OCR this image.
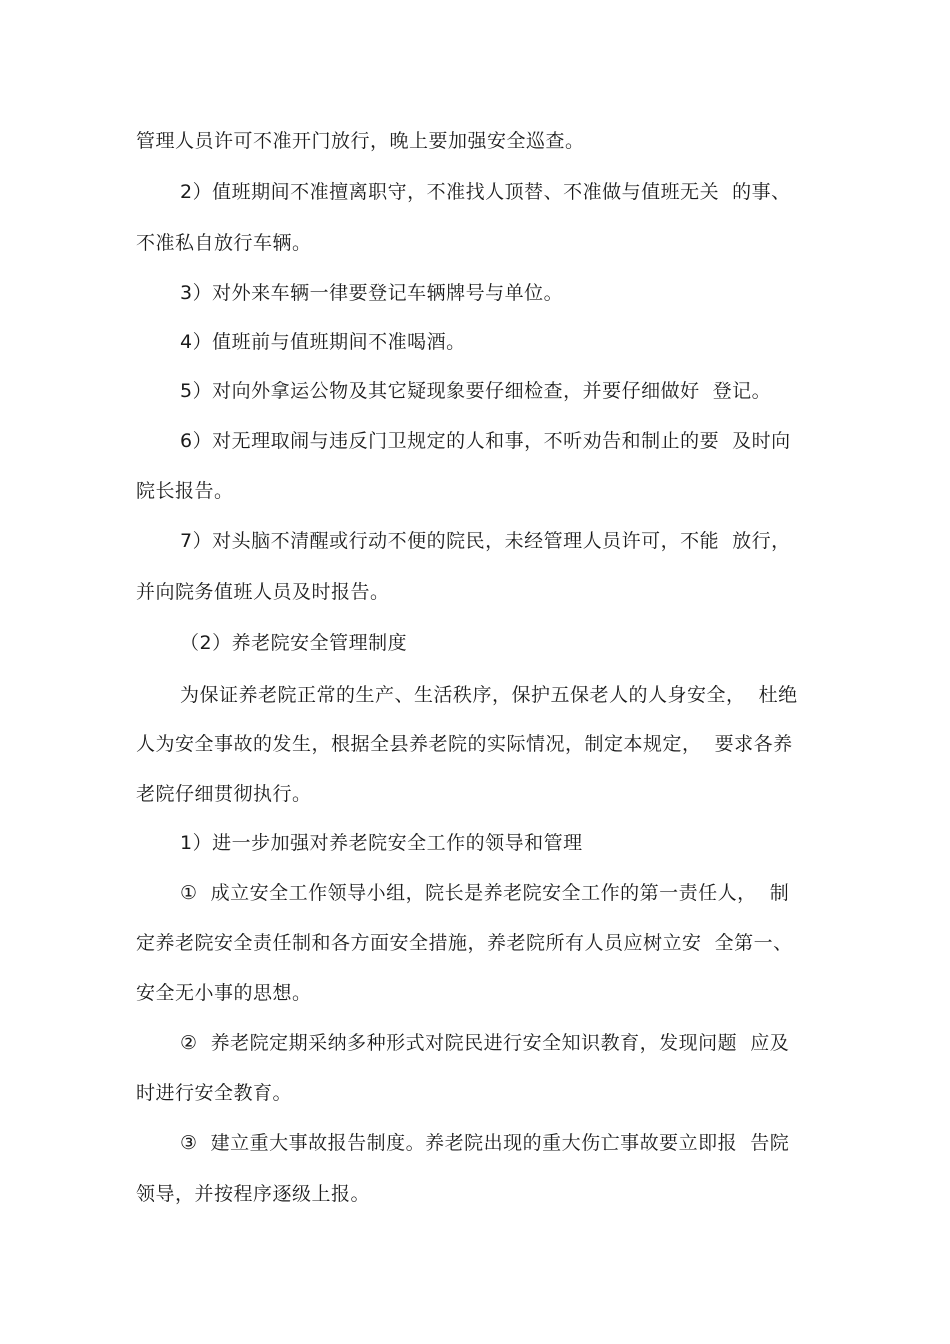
管理人员许可不准开门放行，晚上要加强安全巡查。
2）值班期间不准擅离职守，不准找人顶替、不准做与值班无关  的事、
不准私自放行车辆。
3）对外来车辆一律要登记车辆牌号与单位。
4）值班前与值班期间不准喝酒。
5）对向外拿运公物及其它疑现象要仔细检查，并要仔细做好  登记。
6）对无理取闹与违反门卫规定的人和事，不听劝告和制止的要  及时向
院长报告。
7）对头脑不清醒或行动不便的院民，未经管理人员许可，不能  放行，
并向院务值班人员及时报告。
（2）养老院安全管理制度
为保证养老院正常的生产、生活秩序，保护五保老人的人身安全，  杜绝
人为安全事故的发生，根据全县养老院的实际情况，制定本规定，  要求各养
老院仔细贯彻执行。
1）进一步加强对养老院安全工作的领导和管理
①  成立安全工作领导小组，院长是养老院安全工作的第一责任人，  制
定养老院安全责任制和各方面安全措施，养老院所有人员应树立安  全第一、
安全无小事的思想。
②  养老院定期采纳多种形式对院民进行安全知识教育，发现问题  应及
时进行安全教育。
③  建立重大事故报告制度。养老院出现的重大伤亡事故要立即报  告院
领导，并按程序逐级上报。
